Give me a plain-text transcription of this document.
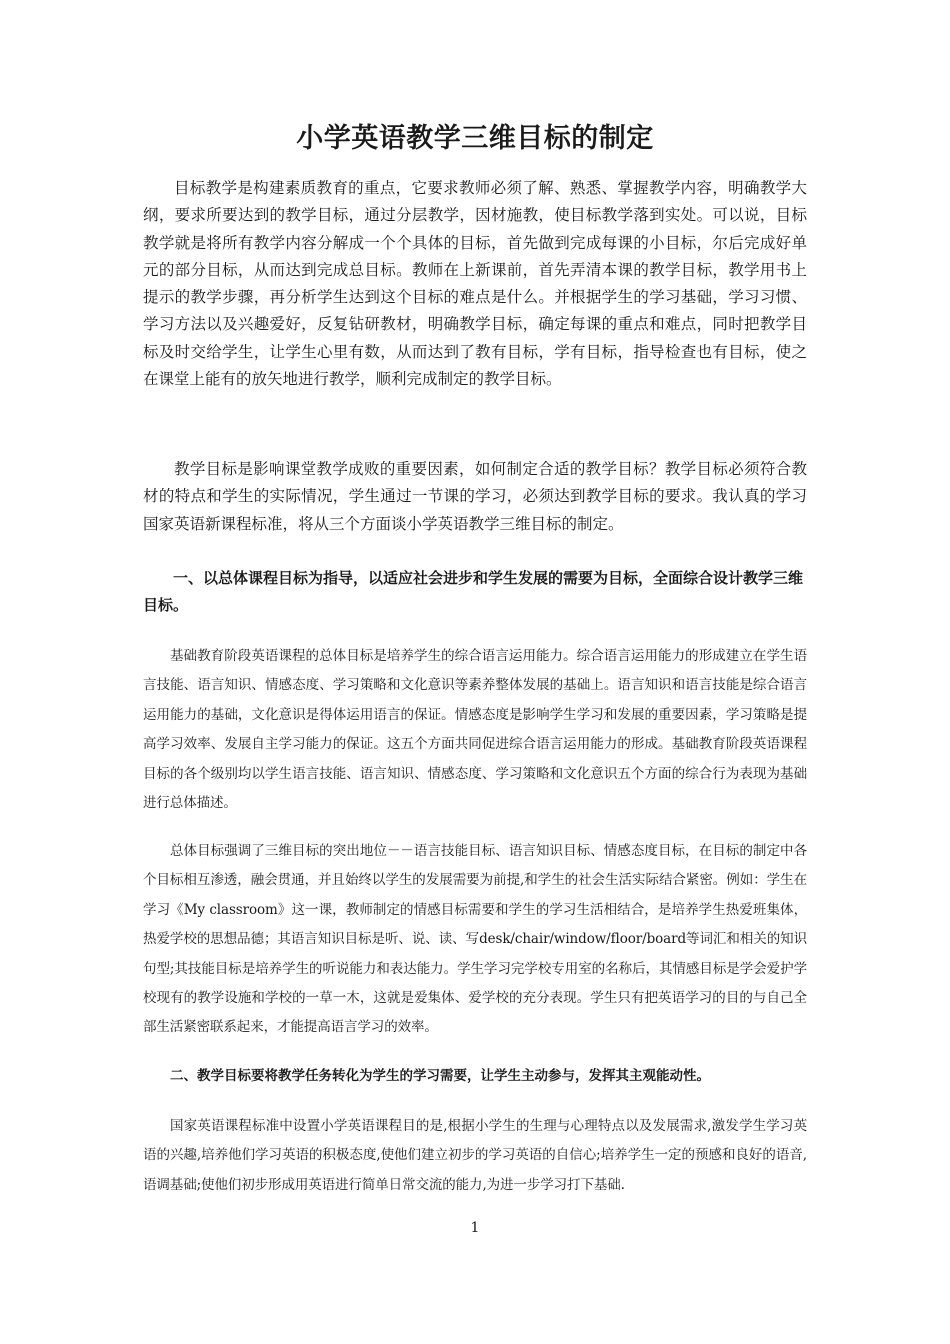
小学英语教学三维目标的制定

目标教学是构建素质教育的重点，它要求教师必须了解、熟悉、掌握教学内容，明确教学大纲，要求所要达到的教学目标，通过分层教学，因材施教，使目标教学落到实处。可以说，目标教学就是将所有教学内容分解成一个个具体的目标，首先做到完成每课的小目标，尔后完成好单元的部分目标，从而达到完成总目标。教师在上新课前，首先弄清本课的教学目标，教学用书上提示的教学步骤，再分析学生达到这个目标的难点是什么。并根据学生的学习基础，学习习惯、学习方法以及兴趣爱好，反复钻研教材，明确教学目标，确定每课的重点和难点，同时把教学目标及时交给学生，让学生心里有数，从而达到了教有目标，学有目标，指导检查也有目标，使之在课堂上能有的放矢地进行教学，顺利完成制定的教学目标。

教学目标是影响课堂教学成败的重要因素，如何制定合适的教学目标？教学目标必须符合教材的特点和学生的实际情况，学生通过一节课的学习，必须达到教学目标的要求。我认真的学习国家英语新课程标准，将从三个方面谈小学英语教学三维目标的制定。

一、以总体课程目标为指导，以适应社会进步和学生发展的需要为目标，全面综合设计教学三维目标。

基础教育阶段英语课程的总体目标是培养学生的综合语言运用能力。综合语言运用能力的形成建立在学生语言技能、语言知识、情感态度、学习策略和文化意识等素养整体发展的基础上。语言知识和语言技能是综合语言运用能力的基础，文化意识是得体运用语言的保证。情感态度是影响学生学习和发展的重要因素，学习策略是提高学习效率、发展自主学习能力的保证。这五个方面共同促进综合语言运用能力的形成。基础教育阶段英语课程目标的各个级别均以学生语言技能、语言知识、情感态度、学习策略和文化意识五个方面的综合行为表现为基础进行总体描述。

总体目标强调了三维目标的突出地位－－语言技能目标、语言知识目标、情感态度目标，在目标的制定中各个目标相互渗透，融会贯通，并且始终以学生的发展需要为前提,和学生的社会生活实际结合紧密。例如：学生在学习《My classroom》这一课，教师制定的情感目标需要和学生的学习生活相结合，是培养学生热爱班集体，热爱学校的思想品德；其语言知识目标是听、说、读、写desk/chair/window/floor/board等词汇和相关的知识句型;其技能目标是培养学生的听说能力和表达能力。学生学习完学校专用室的名称后，其情感目标是学会爱护学校现有的教学设施和学校的一草一木，这就是爱集体、爱学校的充分表现。学生只有把英语学习的目的与自己全部生活紧密联系起来，才能提高语言学习的效率。

二、教学目标要将教学任务转化为学生的学习需要，让学生主动参与，发挥其主观能动性。

国家英语课程标准中设置小学英语课程目的是,根据小学生的生理与心理特点以及发展需求,激发学生学习英语的兴趣,培养他们学习英语的积极态度,使他们建立初步的学习英语的自信心;培养学生一定的预感和良好的语音,语调基础;使他们初步形成用英语进行简单日常交流的能力,为进一步学习打下基础.

1
